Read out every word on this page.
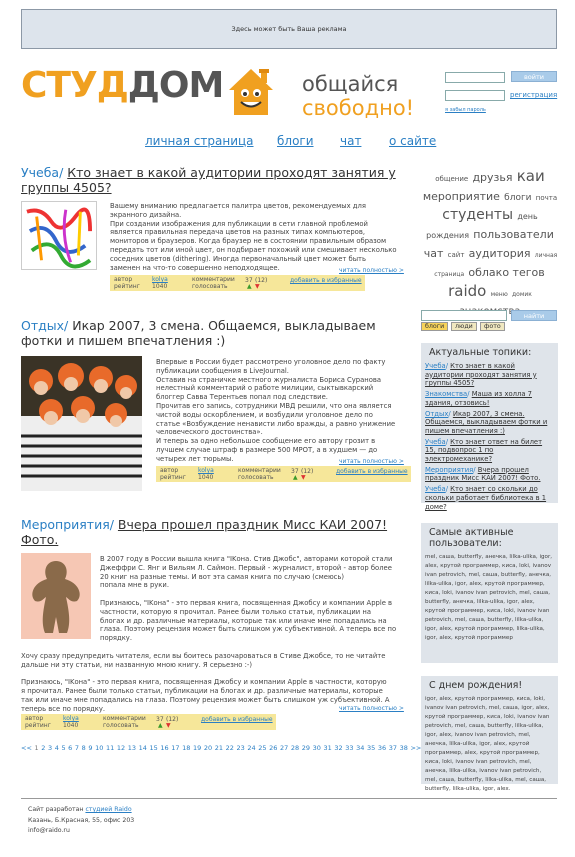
Здесь может быть Ваша реклама
СТУДДОМ	общайся
свободно!
войти
регистрация
я забыл пароль
личная страница блоги чат о сайте
Учеба/ Кто знает в какой аудитории проходят занятия у
группы 4505?
Вашему вниманию предлагается палитра цветов, рекомендуемых для
экранного дизайна.
При создании изображения для публикации в сети главной проблемой
является правильная передача цветов на разных типах компьютеров,
мониторов и браузеров. Когда браузер не в состоянии правильным образом
передать тот или иной цвет, он подбирает похожий или смешивает несколько
соседних цветов (dithering). Иногда первоначальный цвет может быть
заменен на что-то совершенно неподходящее.	читать полностью >
автор
рейтинг
kolya
1040
комментарии
голосовать
37 (12)
▲ ▼
добавить в избранные
Отдых/ Икар 2007, 3 смена. Общаемся, выкладываем
фотки и пишем впечатления :)
Впервые в России будет рассмотрено уголовное дело по факту
публикации сообщения в LiveJournal.
Оставив на страничке местного журналиста Бориса Суранова
нелестный комментарий о работе милиции, сыктывкарский
блоггер Савва Терентьев попал под следствие.
Прочитав его запись, сотрудники МВД решили, что она является
чистой воды оскорблением, и возбудили уголовное дело по
статье «Возбуждение ненависти либо вражды, а равно унижение
человеческого достоинства».
И теперь за одно небольшое сообщение его автору грозит в
лучшем случае штраф в размере 500 МРОТ, а в худшем — до
четырех лет тюрьмы.	читать полностью >
автор
рейтинг
kolya
1040
комментарии
голосовать
37 (12)
▲ ▼
добавить в избранные
Мероприятия/ Вчера прошел праздник Мисс КАИ 2007!
Фото.
В 2007 году в России вышла книга "IKона. Стив Джобс", авторами которой стали
Джеффри С. Янг и Вильям Л. Саймон. Первый - журналист, второй - автор более
20 книг на разные темы. И вот эта самая книга по случаю (смеюсь)
попала мне в руки.
Признаюсь, "IKона" - это первая книга, посвященная Джобсу и компании Apple в
частности, которую я прочитал. Ранее были только статьи, публикации на
блогах и др. различные материалы, которые так или иначе мне попадались на
глаза. Поэтому рецензия может быть слишком уж субъективной. А теперь все по
порядку.
Хочу сразу предупредить читателя, если вы боитесь разочароваться в Стиве Джобсе, то не читайте
дальше ни эту статьи, ни названную мною книгу. Я серьезно :-)
Признаюсь, "IKона" - это первая книга, посвященная Джобсу и компании Apple в частности, которую
я прочитал. Ранее были только статьи, публикации на блогах и др. различные материалы, которые
так или иначе мне попадались на глаза. Поэтому рецензия может быть слишком уж субъективной. А
теперь все по порядку.	читать полностью >
автор
рейтинг
kolya
1040
комментарии
голосовать
37 (12)
▲ ▼
добавить в избранные
<< 1 2 3 4 5 6 7 8 9 10 11 12 13 14 15 16 17 18 19 20 21 22 23 24 25 26 27 28 29 30 31 32 33 34 35 36 37 38 >>
Сайт разработан студией Raido
Казань, Б.Красная, 55, офис 203
info@raido.ru
общение друзья каи мероприятие блоги почта студенты день рождения пользователи чат сайт аудитория личная страница облако тегов raido меню домик
найти
блоги	люди	фото
Актуальные топики:
Учеба/ Кто знает в какой аудитории проходят занятия у группы 4505?
Знакомства/ Маша из холла 7 здания, отзовись!
Отдых/ Икар 2007, 3 смена. Общаемся, выкладываем фотки и пишем впечатления :)
Учеба/ Кто знает ответ на билет 15, подвопрос 1 по электромеханике?
Мероприятия/ Вчера прошел праздник Мисс КАИ 2007! Фото.
Учеба/ Кто знает со скольки до скольки работает библиотека в 1 доме?
Самые активные пользователи:
mel, саша, butterfly, анечка, lilka-ulika, igor, alex, крутой программер, киса, loki, ivanov ivan petrovich, mel, саша, butterfly, анечка, lilka-ulika, igor, alex, крутой программер, киса, loki, ivanov ivan petrovich, mel, саша, butterfly, анечка, lilka-ulika, igor, alex, крутой программер, киса, loki, ivanov ivan petrovich, mel, саша, butterfly, lilka-ulika, igor, alex, крутой программер, lilka-ulika, igor, alex, крутой программер
С днем рождения!
igor, alex, крутой программер, киса, loki, ivanov ivan petrovich, mel, саша, igor, alex, крутой программер, киса, loki, ivanov ivan petrovich, mel, саша, butterfly, lilka-ulika, igor, alex, ivanov ivan petrovich, mel, анечка, lilka-ulika, igor, alex, крутой программер, alex, крутой программер, киса, loki, ivanov ivan petrovich, mel, анечка, lilka-ulika, ivanov ivan petrovich, mel, саша, butterfly, lilka-ulika, mel, саша, butterfly, lilka-ulika, igor, alex.
